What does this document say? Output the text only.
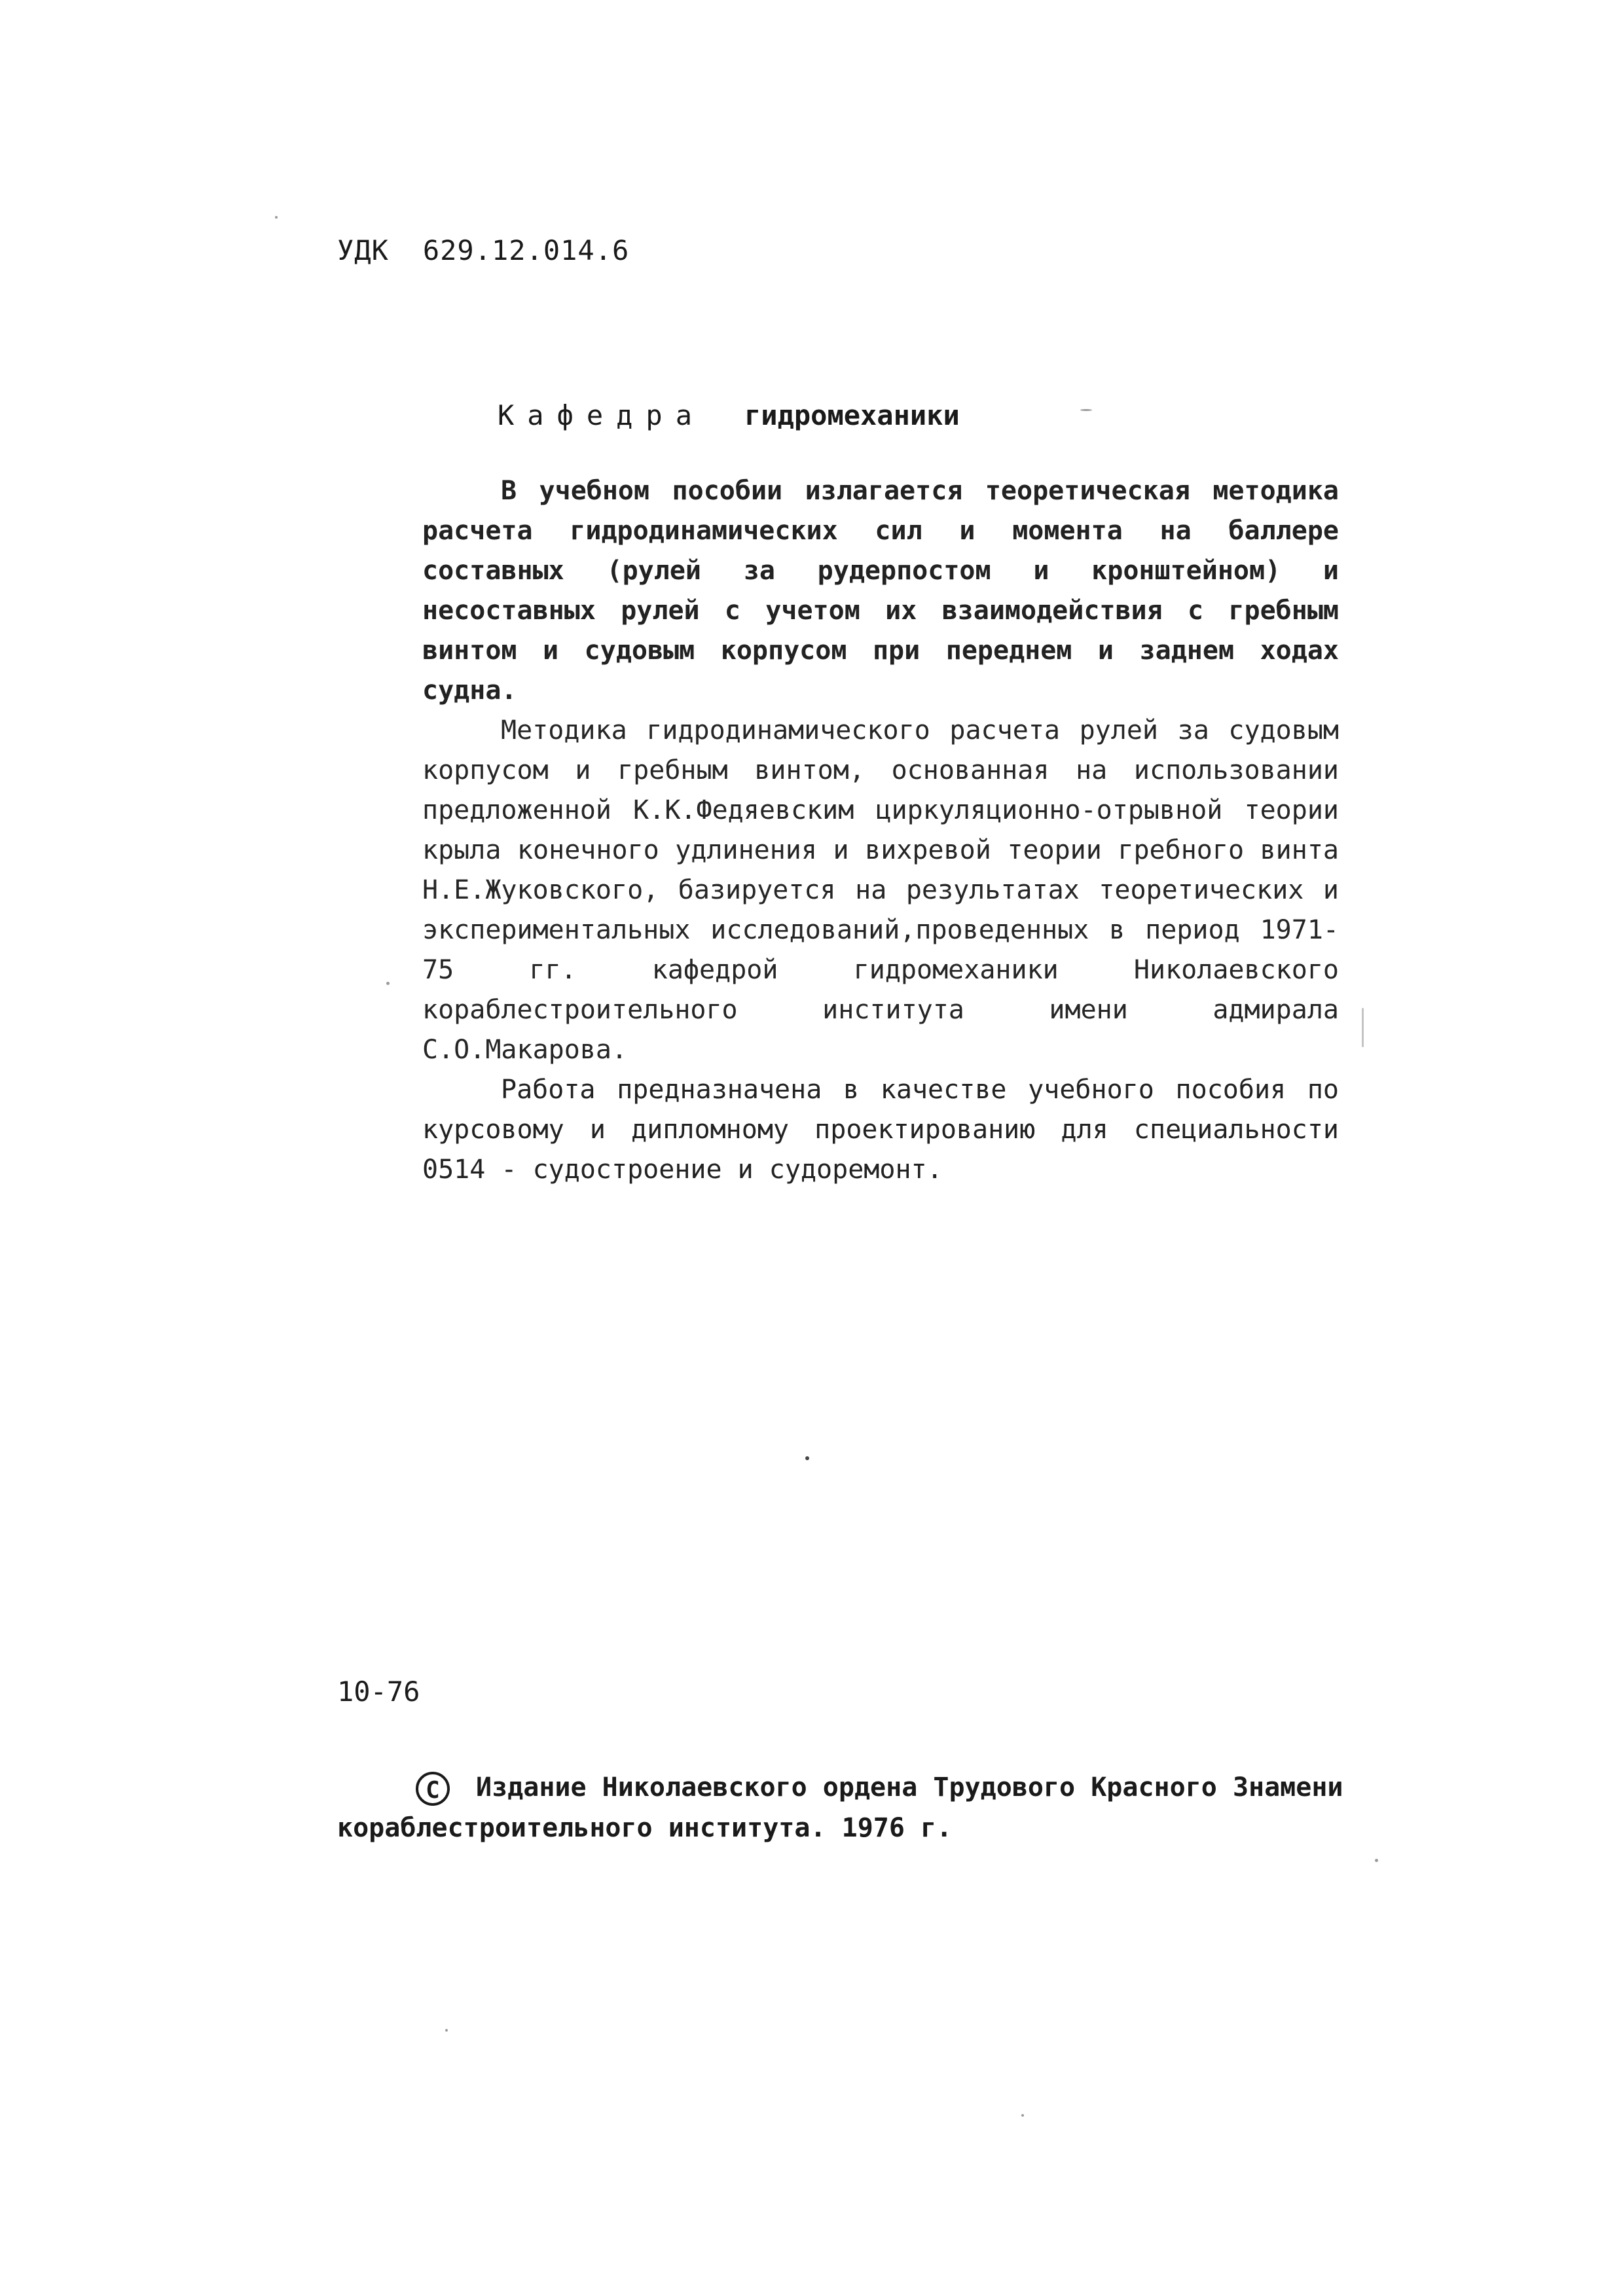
УДК 629.12.014.6
Кафедра гидромеханики

В учебном пособии излагается теоретическая методика расчета гидродинамических сил и момента на баллере составных (рулей за рудерпостом и кронштейном) и несоставных рулей с учетом их взаимодействия с гребным винтом и судовым корпусом при переднем и заднем ходах судна.

Методика гидродинамического расчета рулей за судовым корпусом и гребным винтом, основанная на использовании предложенной К.К.Федяевским циркуляционно-отрывной теории крыла конечного удлинения и вихревой теории гребного винта Н.Е.Жуковского, базируется на результатах теоретических и экспериментальных исследований,проведенных в период 1971-75 гг. кафедрой гидромеханики Николаевского кораблестроительного института имени адмирала С.О.Макарова.

Работа предназначена в качестве учебного пособия по курсовому и дипломному проектированию для специальности 0514 - судостроение и судоремонт.

10-76
C Издание Николаевского ордена Трудового Красного Знамени
кораблестроительного института. 1976 г.
